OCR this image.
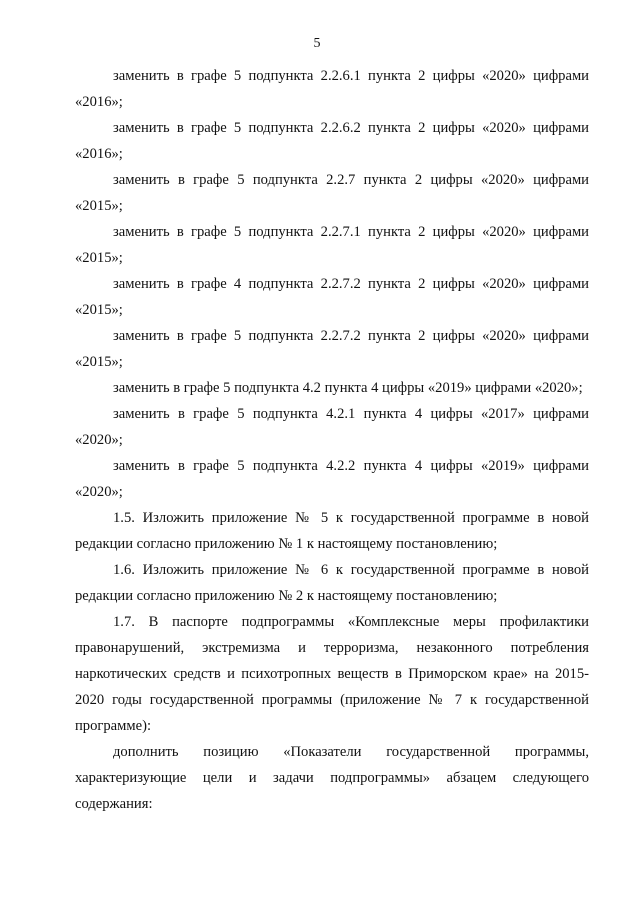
5

заменить в графе 5 подпункта 2.2.6.1 пункта 2 цифры «2020» цифрами «2016»;

заменить в графе 5 подпункта 2.2.6.2 пункта 2 цифры «2020» цифрами «2016»;

заменить в графе 5 подпункта 2.2.7 пункта 2 цифры «2020» цифрами «2015»;

заменить в графе 5 подпункта 2.2.7.1 пункта 2 цифры «2020» цифрами «2015»;

заменить в графе 4 подпункта 2.2.7.2 пункта 2 цифры «2020» цифрами «2015»;

заменить в графе 5 подпункта 2.2.7.2 пункта 2 цифры «2020» цифрами «2015»;

заменить в графе 5 подпункта 4.2 пункта 4 цифры «2019» цифрами «2020»;

заменить в графе 5 подпункта 4.2.1 пункта 4 цифры «2017» цифрами «2020»;

заменить в графе 5 подпункта 4.2.2 пункта 4 цифры «2019» цифрами «2020»;

1.5. Изложить приложение № 5 к государственной программе в новой редакции согласно приложению № 1 к настоящему постановлению;

1.6. Изложить приложение № 6 к государственной программе в новой редакции согласно приложению № 2 к настоящему постановлению;

1.7. В паспорте подпрограммы «Комплексные меры профилактики правонарушений, экстремизма и терроризма, незаконного потребления наркотических средств и психотропных веществ в Приморском крае» на 2015-2020 годы государственной программы (приложение № 7 к государственной программе):

дополнить позицию «Показатели государственной программы, характеризующие цели и задачи подпрограммы» абзацем следующего содержания:
